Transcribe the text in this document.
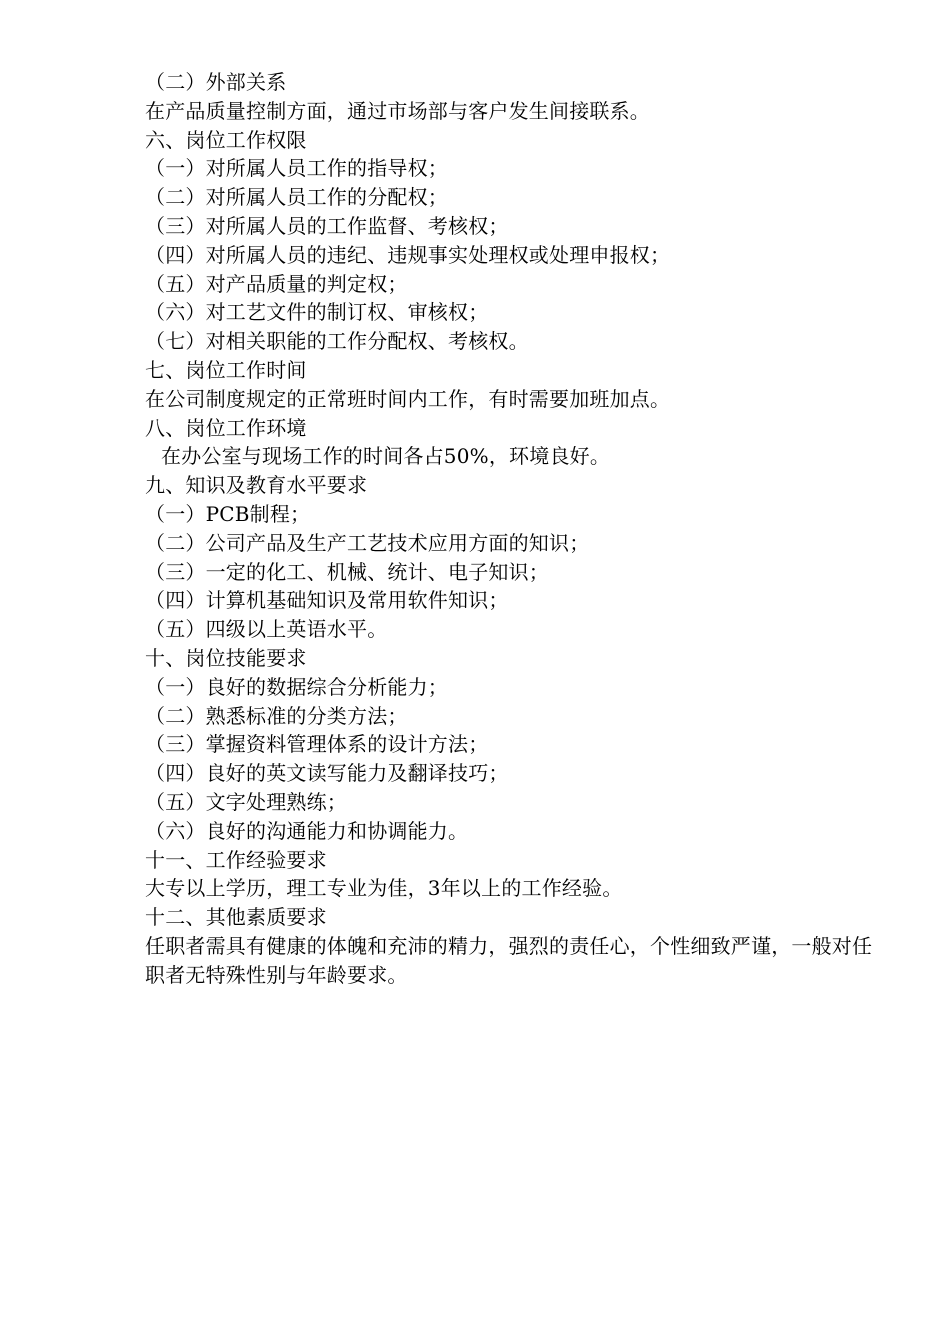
（二）外部关系

在产品质量控制方面，通过市场部与客户发生间接联系。

六、岗位工作权限

（一）对所属人员工作的指导权；

（二）对所属人员工作的分配权；

（三）对所属人员的工作监督、考核权；

（四）对所属人员的违纪、违规事实处理权或处理申报权；

（五）对产品质量的判定权；

（六）对工艺文件的制订权、审核权；

（七）对相关职能的工作分配权、考核权。

七、岗位工作时间

在公司制度规定的正常班时间内工作，有时需要加班加点。

八、岗位工作环境

在办公室与现场工作的时间各占50%，环境良好。

九、知识及教育水平要求

（一）PCB制程；

（二）公司产品及生产工艺技术应用方面的知识；

（三）一定的化工、机械、统计、电子知识；

（四）计算机基础知识及常用软件知识；

（五）四级以上英语水平。

十、岗位技能要求

（一）良好的数据综合分析能力；

（二）熟悉标准的分类方法；

（三）掌握资料管理体系的设计方法；

（四）良好的英文读写能力及翻译技巧；

（五）文字处理熟练；

（六）良好的沟通能力和协调能力。

十一、工作经验要求

大专以上学历，理工专业为佳，3年以上的工作经验。

十二、其他素质要求

任职者需具有健康的体魄和充沛的精力，强烈的责任心，个性细致严谨，一般对任职者无特殊性别与年龄要求。
